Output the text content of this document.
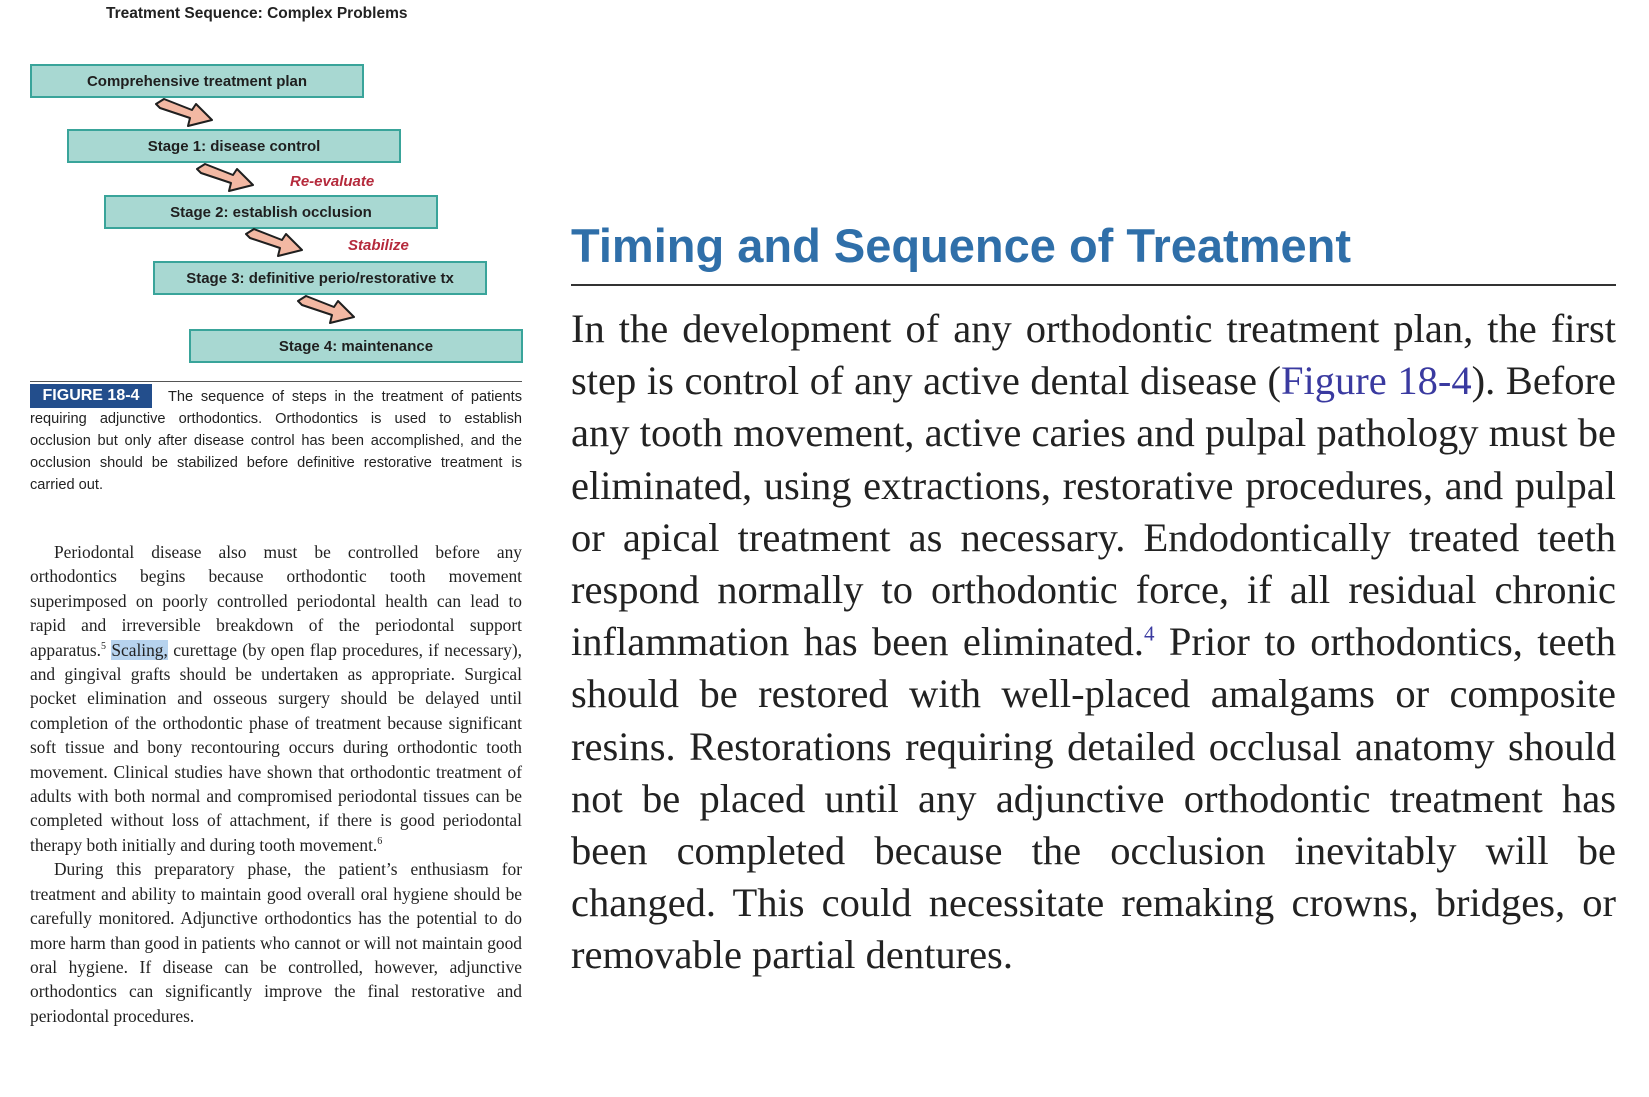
Treatment Sequence: Complex Problems
Comprehensive treatment plan
Stage 1: disease control
Re-evaluate
Stage 2: establish occlusion
Stabilize
Stage 3: definitive perio/restorative tx
Stage 4: maintenance
FIGURE 18-4	The sequence of steps in the treatment of patients requiring adjunctive orthodontics. Orthodontics is used to establish occlusion but only after disease control has been accomplished, and the occlusion should be stabilized before definitive restorative treatment is carried out.

Periodontal disease also must be controlled before any orthodontics begins because orthodontic tooth movement superimposed on poorly controlled periodontal health can lead to rapid and irreversible breakdown of the periodontal support apparatus.$^5$ Scaling, curettage (by open flap procedures, if necessary), and gingival grafts should be undertaken as appropriate. Surgical pocket elimination and osseous surgery should be delayed until completion of the orthodontic phase of treatment because significant soft tissue and bony recontouring occurs during orthodontic tooth movement. Clinical studies have shown that orthodontic treatment of adults with both normal and compromised periodontal tissues can be completed without loss of attachment, if there is good periodontal therapy both initially and during tooth movement.$^6$

During this preparatory phase, the patient’s enthusiasm for treatment and ability to maintain good overall oral hygiene should be carefully monitored. Adjunctive orthodontics has the potential to do more harm than good in patients who cannot or will not maintain good oral hygiene. If disease can be controlled, however, adjunctive orthodontics can significantly improve the final restorative and periodontal procedures.

Timing and Sequence of Treatment

In the development of any orthodontic treatment plan, the first step is control of any active dental disease (Figure 18-4). Before any tooth movement, active caries and pulpal pathology must be eliminated, using extractions, restorative procedures, and pulpal or apical treatment as necessary. Endodontically treated teeth respond normally to orthodontic force, if all residual chronic inflammation has been eliminated.$^4$ Prior to orthodontics, teeth should be restored with well-placed amalgams or composite resins. Restorations requiring detailed occlusal anatomy should not be placed until any adjunctive orthodontic treatment has been completed because the occlusion inevitably will be changed. This could necessitate remaking crowns, bridges, or removable partial dentures.
